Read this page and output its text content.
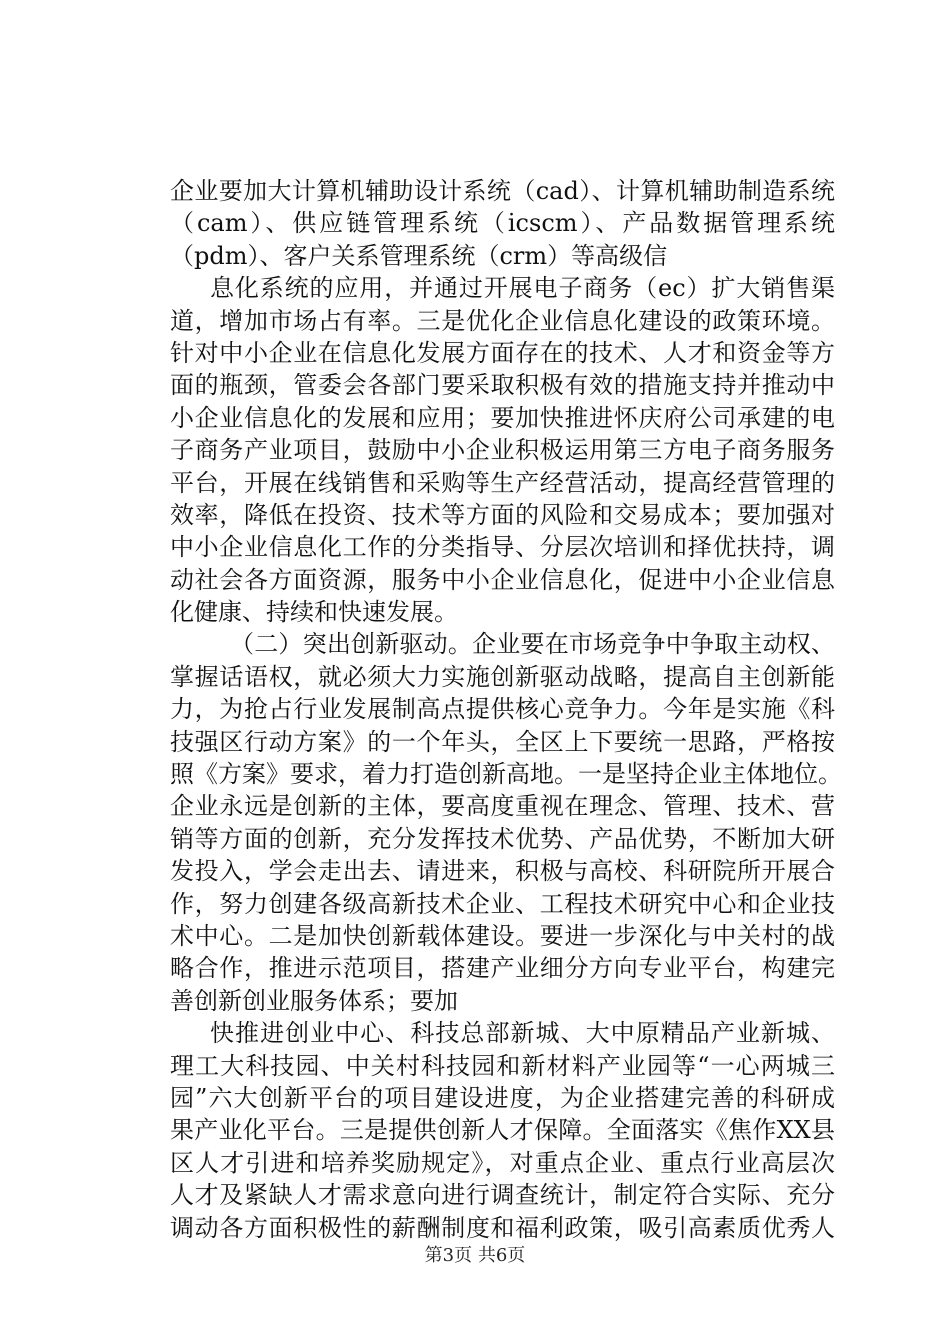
企业要加大计算机辅助设计系统（cad）、计算机辅助制造系统
（cam）、供应链管理系统（icscm）、产品数据管理系统
（pdm）、客户关系管理系统（crm）等高级信
息化系统的应用，并通过开展电子商务（ec）扩大销售渠
道，增加市场占有率。三是优化企业信息化建设的政策环境。
针对中小企业在信息化发展方面存在的技术、人才和资金等方
面的瓶颈，管委会各部门要采取积极有效的措施支持并推动中
小企业信息化的发展和应用；要加快推进怀庆府公司承建的电
子商务产业项目，鼓励中小企业积极运用第三方电子商务服务
平台，开展在线销售和采购等生产经营活动，提高经营管理的
效率，降低在投资、技术等方面的风险和交易成本；要加强对
中小企业信息化工作的分类指导、分层次培训和择优扶持，调
动社会各方面资源，服务中小企业信息化，促进中小企业信息
化健康、持续和快速发展。
（二）突出创新驱动。企业要在市场竞争中争取主动权、
掌握话语权，就必须大力实施创新驱动战略，提高自主创新能
力，为抢占行业发展制高点提供核心竞争力。今年是实施《科
技强区行动方案》的一个年头，全区上下要统一思路，严格按
照《方案》要求，着力打造创新高地。一是坚持企业主体地位。
企业永远是创新的主体，要高度重视在理念、管理、技术、营
销等方面的创新，充分发挥技术优势、产品优势，不断加大研
发投入，学会走出去、请进来，积极与高校、科研院所开展合
作，努力创建各级高新技术企业、工程技术研究中心和企业技
术中心。二是加快创新载体建设。要进一步深化与中关村的战
略合作，推进示范项目，搭建产业细分方向专业平台，构建完
善创新创业服务体系；要加
快推进创业中心、科技总部新城、大中原精品产业新城、
理工大科技园、中关村科技园和新材料产业园等“一心两城三
园”六大创新平台的项目建设进度，为企业搭建完善的科研成
果产业化平台。三是提供创新人才保障。全面落实《焦作XX县
区人才引进和培养奖励规定》，对重点企业、重点行业高层次
人才及紧缺人才需求意向进行调查统计，制定符合实际、充分
调动各方面积极性的薪酬制度和福利政策，吸引高素质优秀人
第3页 共6页
